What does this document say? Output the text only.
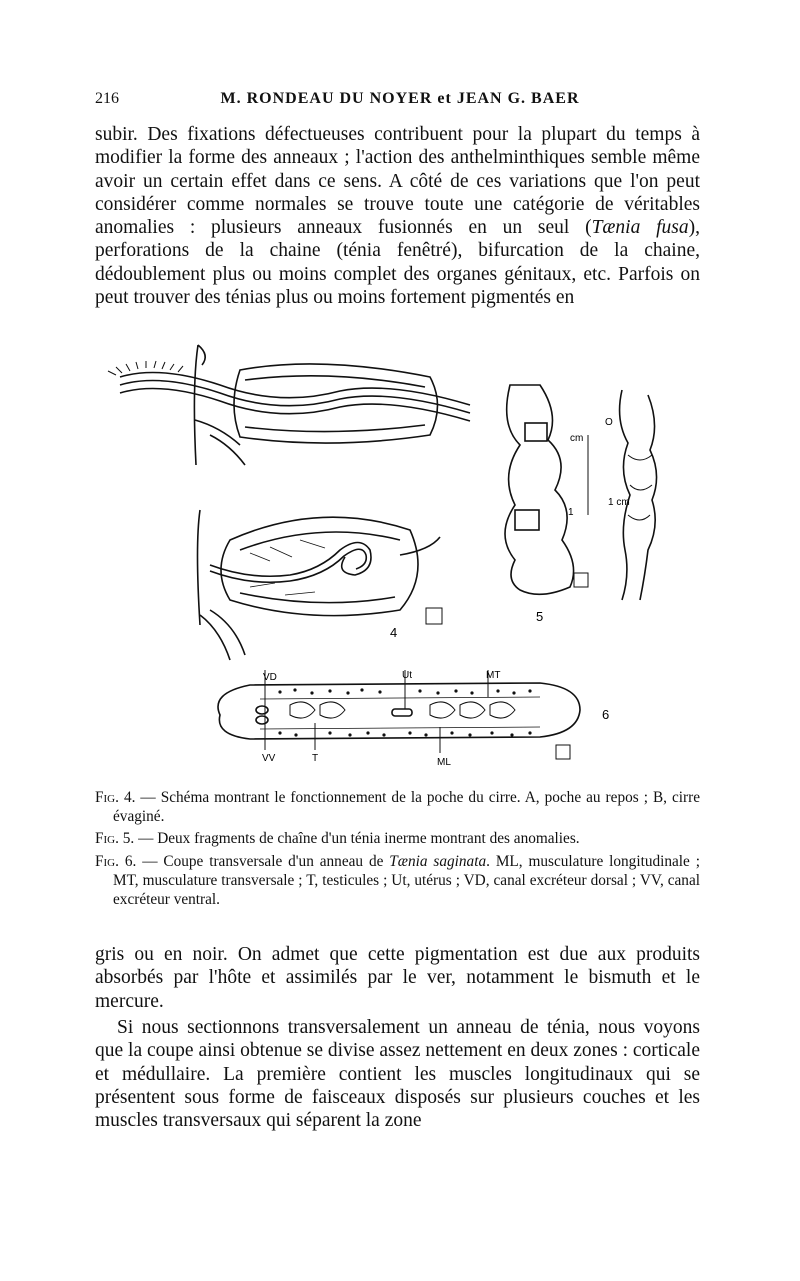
216	M. RONDEAU DU NOYER et JEAN G. BAER
subir. Des fixations défectueuses contribuent pour la plupart du temps à modifier la forme des anneaux ; l'action des anthelminthiques semble même avoir un certain effet dans ce sens. A côté de ces variations que l'on peut considérer comme normales se trouve toute une catégorie de véritables anomalies : plusieurs anneaux fusionnés en un seul (Tænia fusa), perforations de la chaine (ténia fenêtré), bifurcation de la chaine, dédoublement plus ou moins complet des organes génitaux, etc. Parfois on peut trouver des ténias plus ou moins fortement pigmentés en
4
5
6
cm
1
O
1 cm
VD	Ut	MT
VV	T	ML
Fig. 4. — Schéma montrant le fonctionnement de la poche du cirre. A, poche au repos ; B, cirre évaginé.
Fig. 5. — Deux fragments de chaîne d'un ténia inerme montrant des anomalies.
Fig. 6. — Coupe transversale d'un anneau de Tænia saginata. ML, musculature longitudinale ; MT, musculature transversale ; T, testicules ; Ut, utérus ; VD, canal excréteur dorsal ; VV, canal excréteur ventral.
gris ou en noir. On admet que cette pigmentation est due aux produits absorbés par l'hôte et assimilés par le ver, notamment le bismuth et le mercure.
Si nous sectionnons transversalement un anneau de ténia, nous voyons que la coupe ainsi obtenue se divise assez nettement en deux zones : corticale et médullaire. La première contient les muscles longitudinaux qui se présentent sous forme de faisceaux disposés sur plusieurs couches et les muscles transversaux qui séparent la zone
